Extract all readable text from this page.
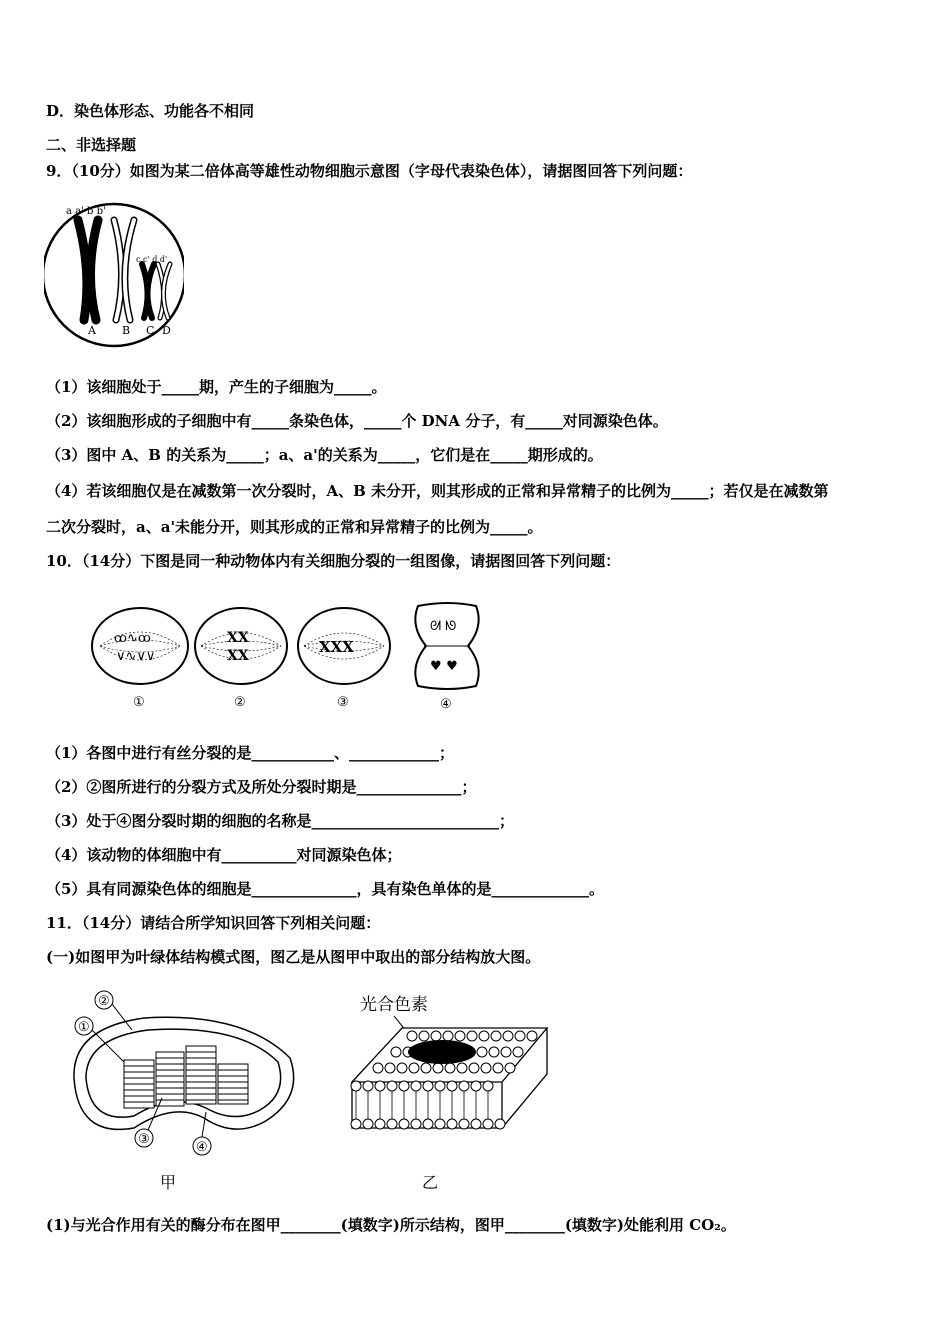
D．染色体形态、功能各不相同
二、非选择题
9．（10分）如图为某二倍体高等雄性动物细胞示意图（字母代表染色体），请据图回答下列问题：
a a' b b'
c c' d d'
A B C D
（1）该细胞处于_____期，产生的子细胞为_____。
（2）该细胞形成的子细胞中有_____条染色体，_____个 DNA 分子，有_____对同源染色体。
（3）图中 A、B 的关系为_____；a、a'的关系为_____，它们是在_____期形成的。
（4）若该细胞仅是在减数第一次分裂时，A、B 未分开，则其形成的正常和异常精子的比例为_____；若仅是在减数第
二次分裂时，a、a'未能分开，则其形成的正常和异常精子的比例为_____。
10．（14分）下图是同一种动物体内有关细胞分裂的一组图像，请据图回答下列问题：
ꝏ∿ꝏ
∨∿∨∨
①
XX
XX
②
XXX
③
ᘛ ᘚ
♥ ♥
④
（1）各图中进行有丝分裂的是___________、____________；
（2）②图所进行的分裂方式及所处分裂时期是______________；
（3）处于④图分裂时期的细胞的名称是_________________________；
（4）该动物的体细胞中有__________对同源染色体；
（5）具有同源染色体的细胞是______________，具有染色单体的是_____________。
11．（14分）请结合所学知识回答下列相关问题：
(一)如图甲为叶绿体结构模式图，图乙是从图甲中取出的部分结构放大图。
②
①
③
④
光合色素
甲	乙
(1)与光合作用有关的酶分布在图甲________(填数字)所示结构，图甲________(填数字)处能利用 CO₂。
